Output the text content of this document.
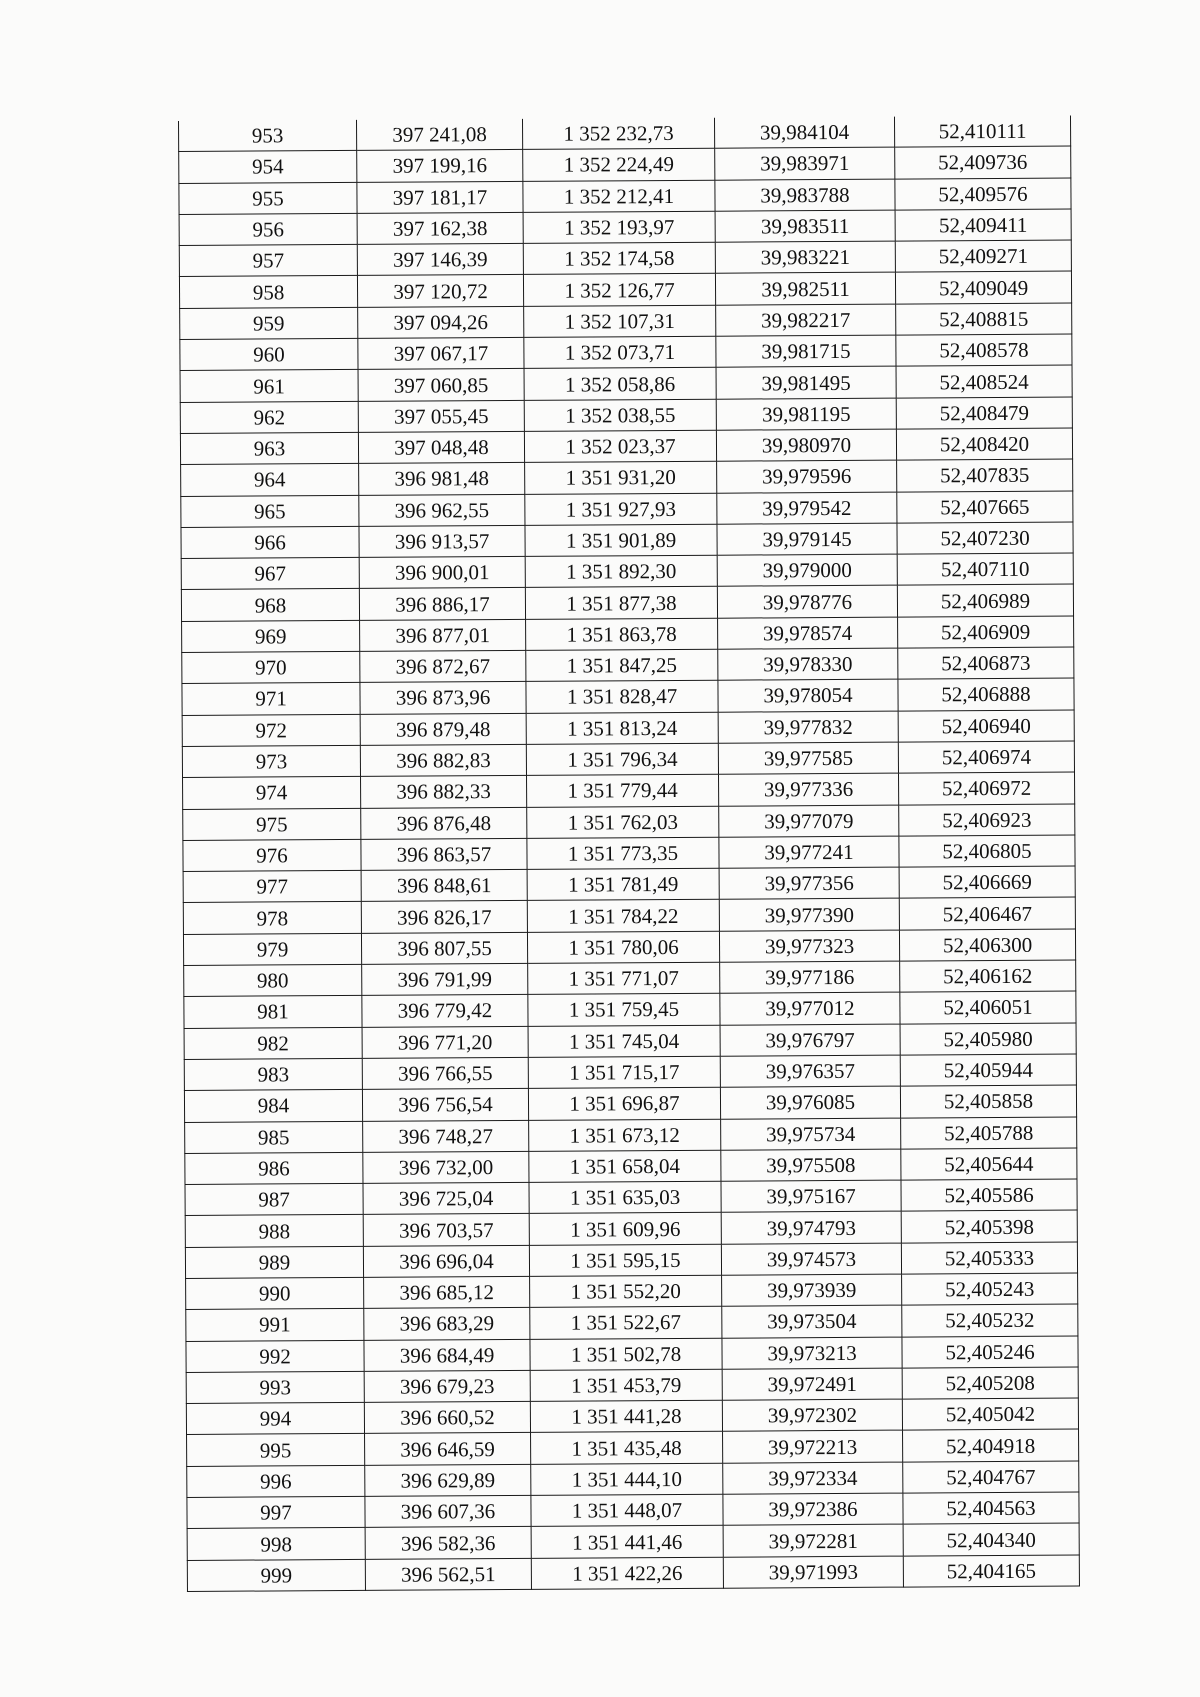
953	397 241,08	1 352 232,73	39,984104	52,410111
954	397 199,16	1 352 224,49	39,983971	52,409736
955	397 181,17	1 352 212,41	39,983788	52,409576
956	397 162,38	1 352 193,97	39,983511	52,409411
957	397 146,39	1 352 174,58	39,983221	52,409271
958	397 120,72	1 352 126,77	39,982511	52,409049
959	397 094,26	1 352 107,31	39,982217	52,408815
960	397 067,17	1 352 073,71	39,981715	52,408578
961	397 060,85	1 352 058,86	39,981495	52,408524
962	397 055,45	1 352 038,55	39,981195	52,408479
963	397 048,48	1 352 023,37	39,980970	52,408420
964	396 981,48	1 351 931,20	39,979596	52,407835
965	396 962,55	1 351 927,93	39,979542	52,407665
966	396 913,57	1 351 901,89	39,979145	52,407230
967	396 900,01	1 351 892,30	39,979000	52,407110
968	396 886,17	1 351 877,38	39,978776	52,406989
969	396 877,01	1 351 863,78	39,978574	52,406909
970	396 872,67	1 351 847,25	39,978330	52,406873
971	396 873,96	1 351 828,47	39,978054	52,406888
972	396 879,48	1 351 813,24	39,977832	52,406940
973	396 882,83	1 351 796,34	39,977585	52,406974
974	396 882,33	1 351 779,44	39,977336	52,406972
975	396 876,48	1 351 762,03	39,977079	52,406923
976	396 863,57	1 351 773,35	39,977241	52,406805
977	396 848,61	1 351 781,49	39,977356	52,406669
978	396 826,17	1 351 784,22	39,977390	52,406467
979	396 807,55	1 351 780,06	39,977323	52,406300
980	396 791,99	1 351 771,07	39,977186	52,406162
981	396 779,42	1 351 759,45	39,977012	52,406051
982	396 771,20	1 351 745,04	39,976797	52,405980
983	396 766,55	1 351 715,17	39,976357	52,405944
984	396 756,54	1 351 696,87	39,976085	52,405858
985	396 748,27	1 351 673,12	39,975734	52,405788
986	396 732,00	1 351 658,04	39,975508	52,405644
987	396 725,04	1 351 635,03	39,975167	52,405586
988	396 703,57	1 351 609,96	39,974793	52,405398
989	396 696,04	1 351 595,15	39,974573	52,405333
990	396 685,12	1 351 552,20	39,973939	52,405243
991	396 683,29	1 351 522,67	39,973504	52,405232
992	396 684,49	1 351 502,78	39,973213	52,405246
993	396 679,23	1 351 453,79	39,972491	52,405208
994	396 660,52	1 351 441,28	39,972302	52,405042
995	396 646,59	1 351 435,48	39,972213	52,404918
996	396 629,89	1 351 444,10	39,972334	52,404767
997	396 607,36	1 351 448,07	39,972386	52,404563
998	396 582,36	1 351 441,46	39,972281	52,404340
999	396 562,51	1 351 422,26	39,971993	52,404165
